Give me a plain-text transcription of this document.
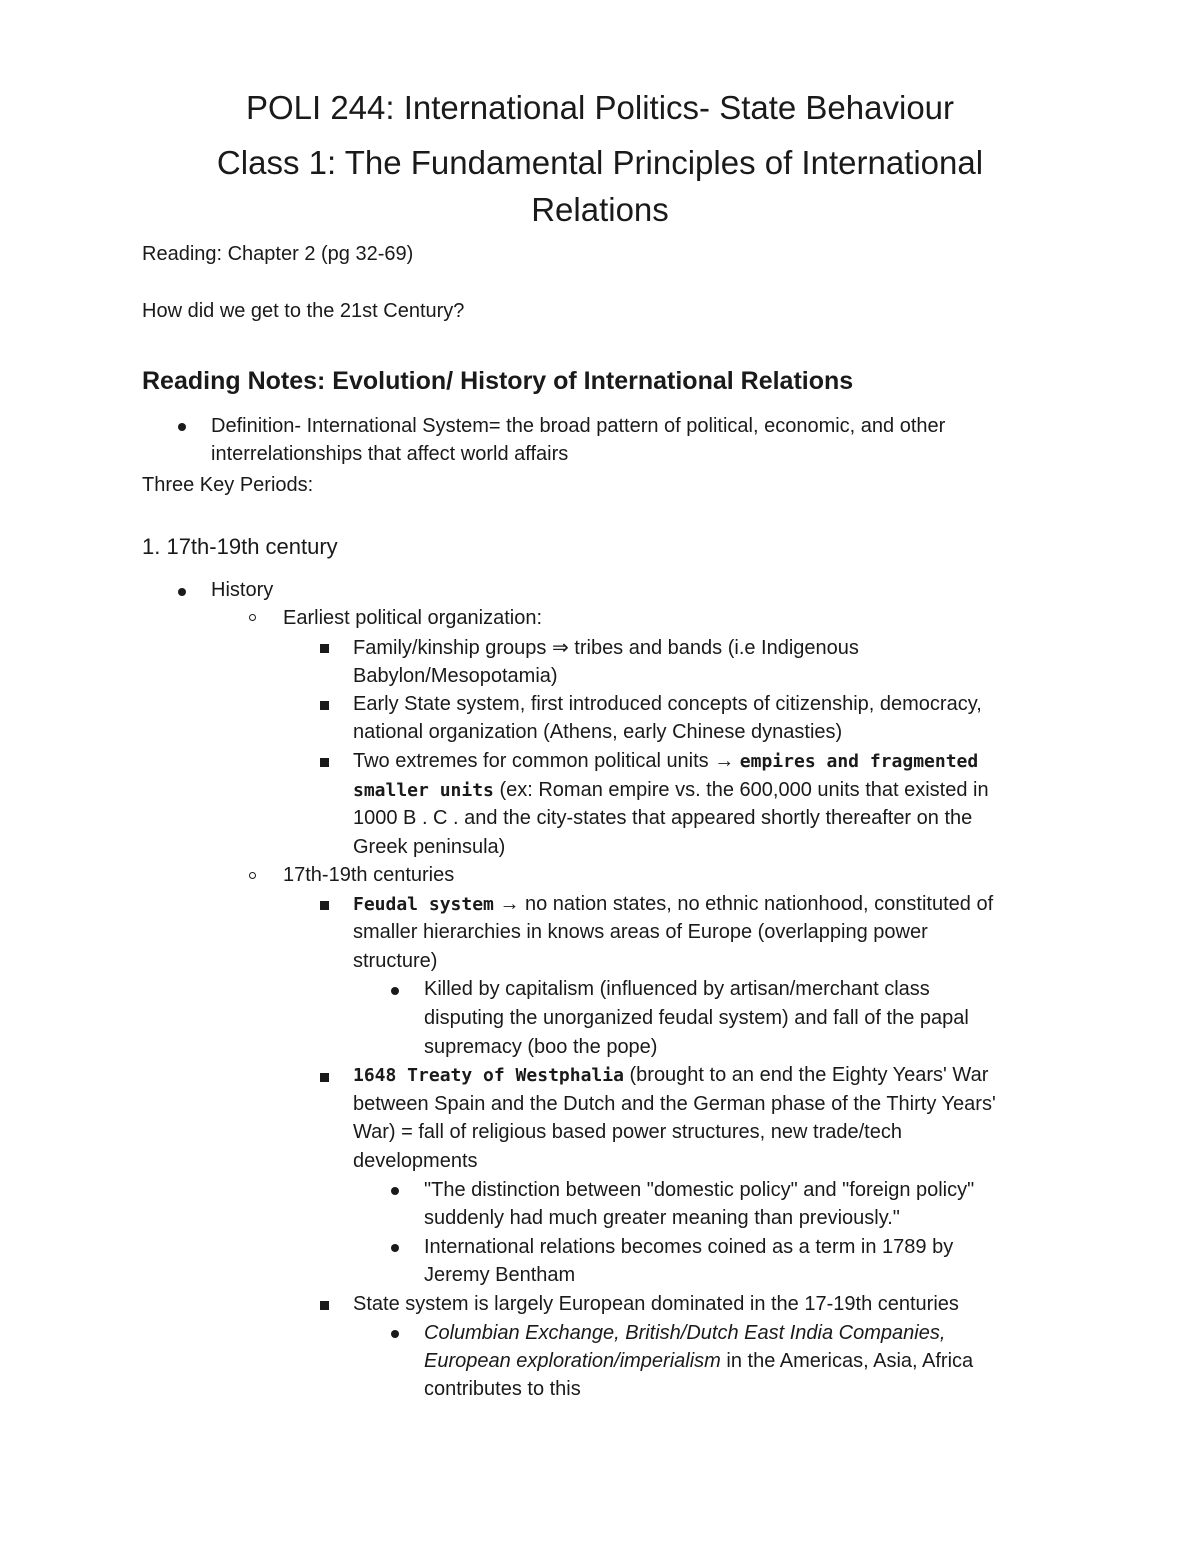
POLI 244: International Politics- State Behaviour
Class 1: The Fundamental Principles of International
Relations
Reading: Chapter 2 (pg 32-69)
How did we get to the 21st Century?
Reading Notes: Evolution/ History of International Relations
Definition- International System= the broad pattern of political, economic, and other
interrelationships that affect world affairs
Three Key Periods:
1. 17th-19th century
History
Earliest political organization:
Family/kinship groups ⇒ tribes and bands (i.e Indigenous
Babylon/Mesopotamia)
Early State system, first introduced concepts of citizenship, democracy,
national organization (Athens, early Chinese dynasties)
Two extremes for common political units → empires and fragmented
smaller units (ex: Roman empire vs. the 600,000 units that existed in
1000 B . C . and the city-states that appeared shortly thereafter on the
Greek peninsula)
17th-19th centuries
Feudal system → no nation states, no ethnic nationhood, constituted of
smaller hierarchies in knows areas of Europe (overlapping power
structure)
Killed by capitalism (influenced by artisan/merchant class
disputing the unorganized feudal system) and fall of the papal
supremacy (boo the pope)
1648 Treaty of Westphalia (brought to an end the Eighty Years' War
between Spain and the Dutch and the German phase of the Thirty Years'
War) = fall of religious based power structures, new trade/tech
developments
"The distinction between "domestic policy" and "foreign policy"
suddenly had much greater meaning than previously."
International relations becomes coined as a term in 1789 by
Jeremy Bentham
State system is largely European dominated in the 17-19th centuries
Columbian Exchange, British/Dutch East India Companies,
European exploration/imperialism in the Americas, Asia, Africa
contributes to this
